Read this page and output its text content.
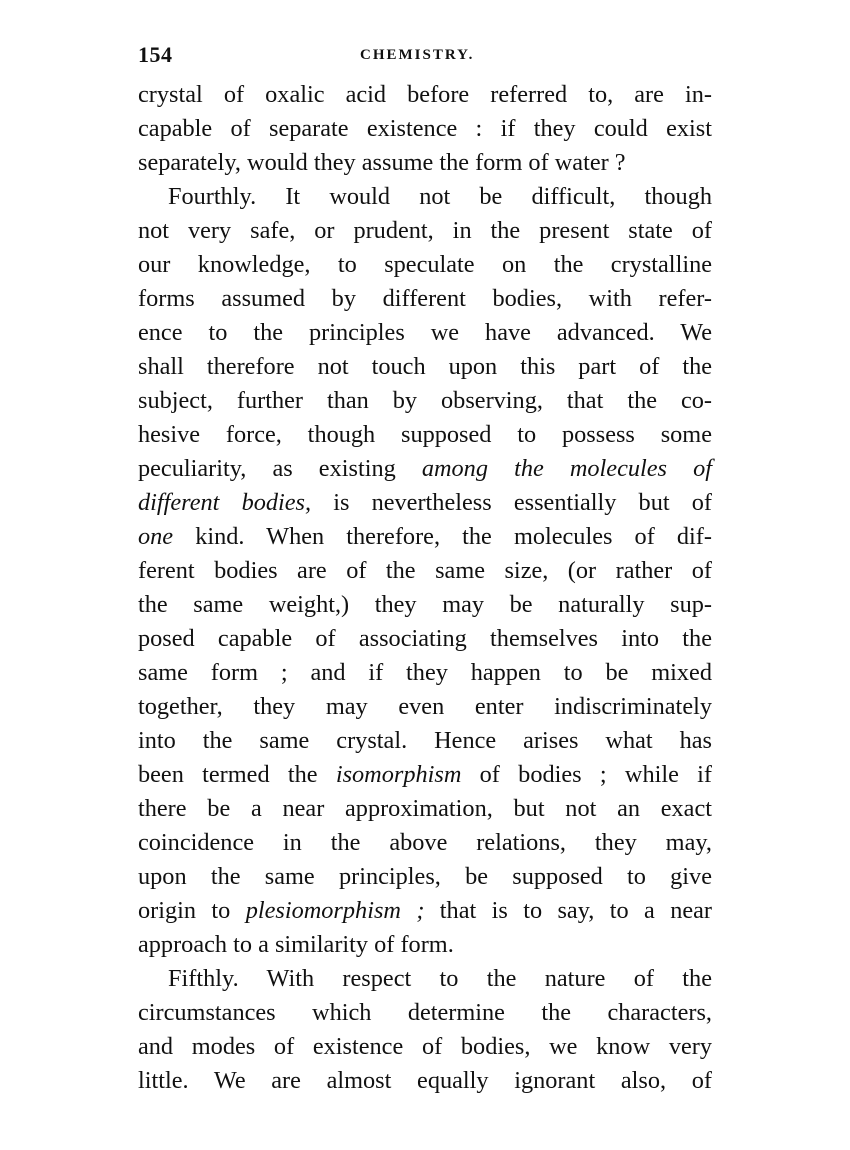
154	CHEMISTRY.
crystal of oxalic acid before referred to, are in-
capable of separate existence : if they could exist
separately, would they assume the form of water ?
Fourthly. It would not be difficult, though
not very safe, or prudent, in the present state of
our knowledge, to speculate on the crystalline
forms assumed by different bodies, with refer-
ence to the principles we have advanced. We
shall therefore not touch upon this part of the
subject, further than by observing, that the co-
hesive force, though supposed to possess some
peculiarity, as existing among the molecules of
different bodies, is nevertheless essentially but of
one kind. When therefore, the molecules of dif-
ferent bodies are of the same size, (or rather of
the same weight,) they may be naturally sup-
posed capable of associating themselves into the
same form ; and if they happen to be mixed
together, they may even enter indiscriminately
into the same crystal. Hence arises what has
been termed the isomorphism of bodies ; while if
there be a near approximation, but not an exact
coincidence in the above relations, they may,
upon the same principles, be supposed to give
origin to plesiomorphism ; that is to say, to a near
approach to a similarity of form.
Fifthly. With respect to the nature of the
circumstances which determine the characters,
and modes of existence of bodies, we know very
little. We are almost equally ignorant also, of
